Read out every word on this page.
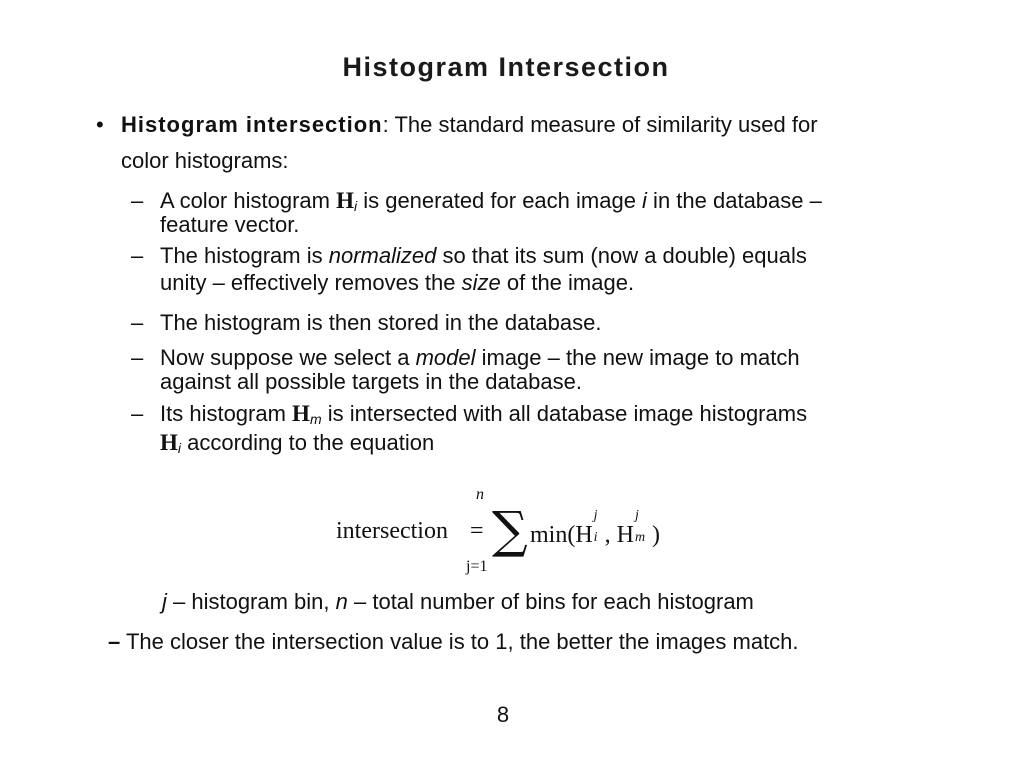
Histogram Intersection
• Histogram intersection: The standard measure of similarity used for
color histograms:
– A color histogram $H_i$ is generated for each image i in the database –
feature vector.
– The histogram is normalized so that its sum (now a double) equals
unity – effectively removes the size of the image.
– The histogram is then stored in the database.
– Now suppose we select a model image – the new image to match
against all possible targets in the database.
– Its histogram $H_m$ is intersected with all database image histograms
$H_i$ according to the equation
intersection =
n
∑
j=1
min(H
j
i , H
j
m )
j – histogram bin, n – total number of bins for each histogram
– The closer the intersection value is to 1, the better the images match.
8
